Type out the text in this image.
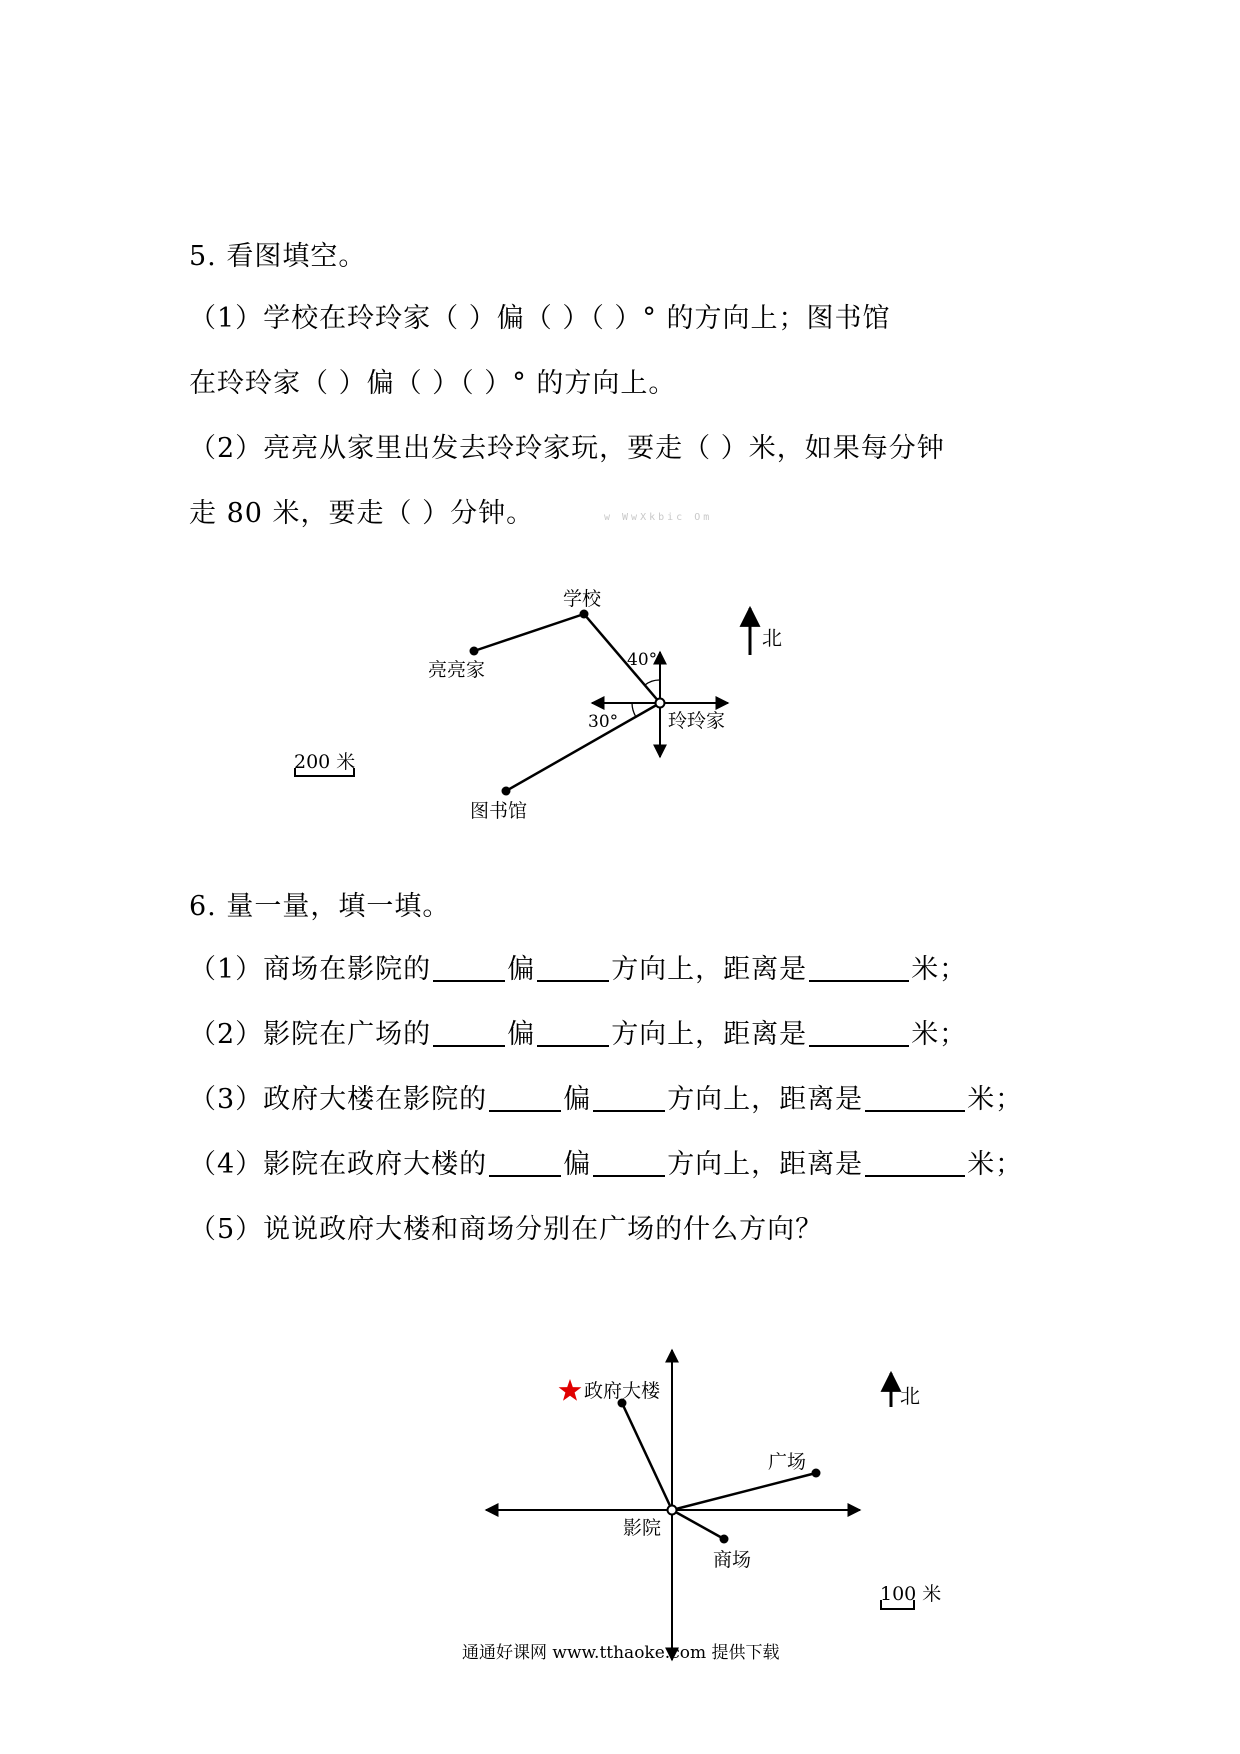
5. 看图填空。
（1）学校在玲玲家（ ）偏（ ）（ ）° 的方向上；图书馆
在玲玲家（ ）偏（ ）（ ）° 的方向上。
（2）亮亮从家里出发去玲玲家玩，要走（ ）米，如果每分钟
走 80 米，要走（ ）分钟。	w WwXkbic Om
6. 量一量，填一填。
（1）商场在影院的	偏	方向上，距离是	米；
（2）影院在广场的	偏	方向上，距离是	米；
（3）政府大楼在影院的	偏	方向上，距离是	米；
（4）影院在政府大楼的	偏	方向上，距离是	米；
（5）说说政府大楼和商场分别在广场的什么方向？
学校
亮亮家
玲玲家
图书馆
40°
30°
北
200 米
政府大楼
广场
影院
商场
北
100 米
通通好课网 www.tthaoke.com 提供下载
